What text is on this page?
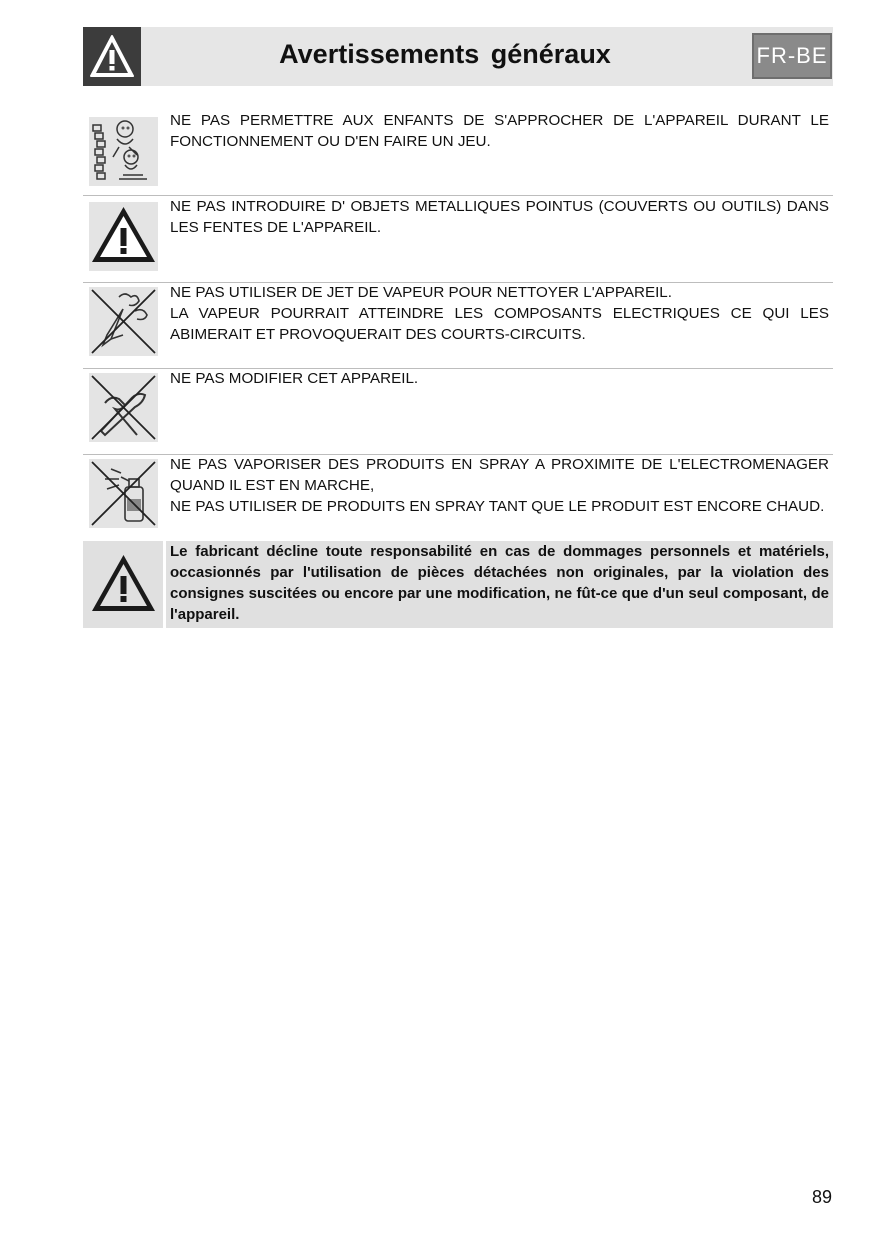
Avertissements généraux	FR-BE

NE PAS PERMETTRE AUX ENFANTS DE S'APPROCHER DE L'APPAREIL DURANT LE FONCTIONNEMENT OU D'EN FAIRE UN JEU.

NE PAS INTRODUIRE D' OBJETS METALLIQUES POINTUS (COUVERTS OU OUTILS) DANS LES FENTES DE L'APPAREIL.

NE PAS UTILISER DE JET DE VAPEUR POUR NETTOYER L'APPAREIL.

LA VAPEUR POURRAIT ATTEINDRE LES COMPOSANTS ELECTRIQUES CE QUI LES ABIMERAIT ET PROVOQUERAIT DES COURTS-CIRCUITS.

NE PAS MODIFIER CET APPAREIL.

NE PAS VAPORISER DES PRODUITS EN SPRAY A PROXIMITE DE L'ELECTROMENAGER QUAND IL EST EN MARCHE,

NE PAS UTILISER DE PRODUITS EN SPRAY TANT QUE LE PRODUIT EST ENCORE CHAUD.

Le fabricant décline toute responsabilité en cas de dommages personnels et matériels, occasionnés par l'utilisation de pièces détachées non originales, par la violation des consignes suscitées ou encore par une modification, ne fût-ce que d'un seul composant, de l'appareil.

89
